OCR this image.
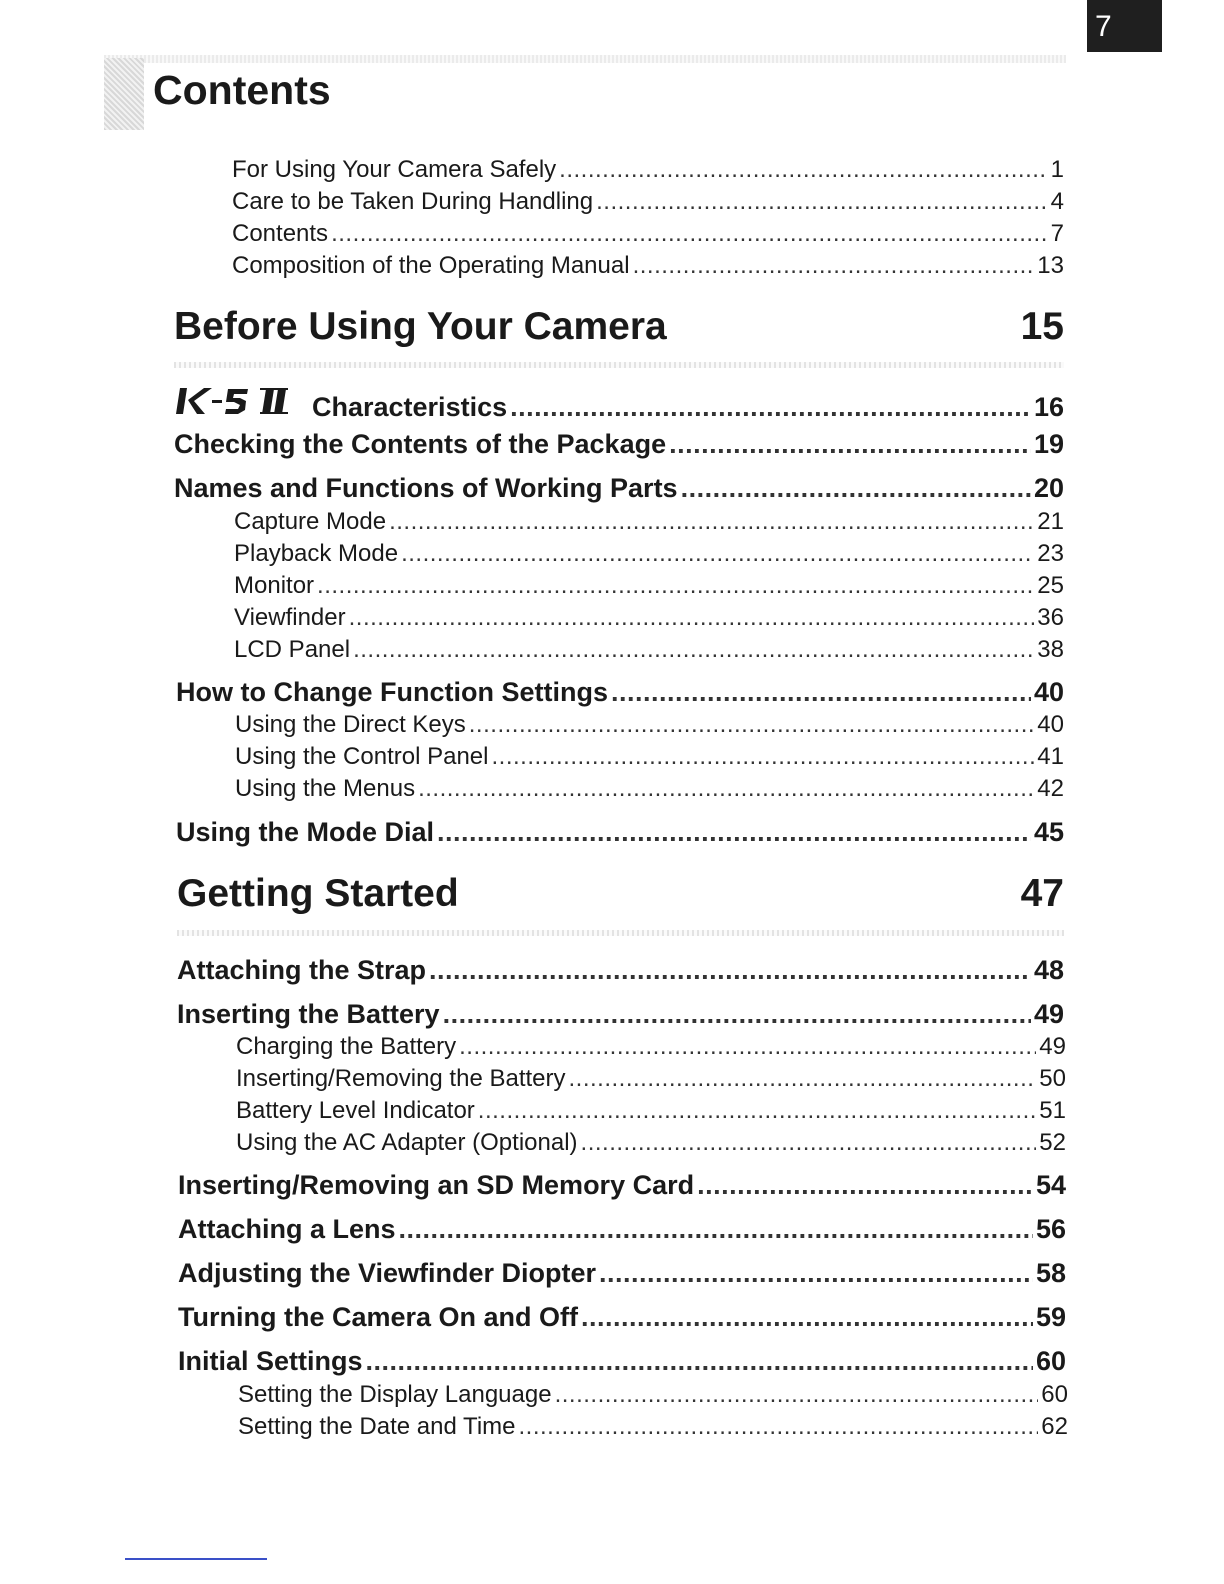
7
Contents
For Using Your Camera Safely .....	1
Care to be Taken During Handling .....	4
Contents .....	7
Composition of the Operating Manual .....	13
Before Using Your Camera	15
Characteristics .....	16
Checking the Contents of the Package .....	19
Names and Functions of Working Parts .....	20
Capture Mode .....	21
Playback Mode .....	23
Monitor .....	25
Viewfinder .....	36
LCD Panel .....	38
How to Change Function Settings .....	40
Using the Direct Keys .....	40
Using the Control Panel .....	41
Using the Menus .....	42
Using the Mode Dial .....	45
Getting Started	47
Attaching the Strap .....	48
Inserting the Battery .....	49
Charging the Battery .....	49
Inserting/Removing the Battery .....	50
Battery Level Indicator .....	51
Using the AC Adapter (Optional) .....	52
Inserting/Removing an SD Memory Card .....	54
Attaching a Lens .....	56
Adjusting the Viewfinder Diopter .....	58
Turning the Camera On and Off .....	59
Initial Settings .....	60
Setting the Display Language .....	60
Setting the Date and Time .....	62
